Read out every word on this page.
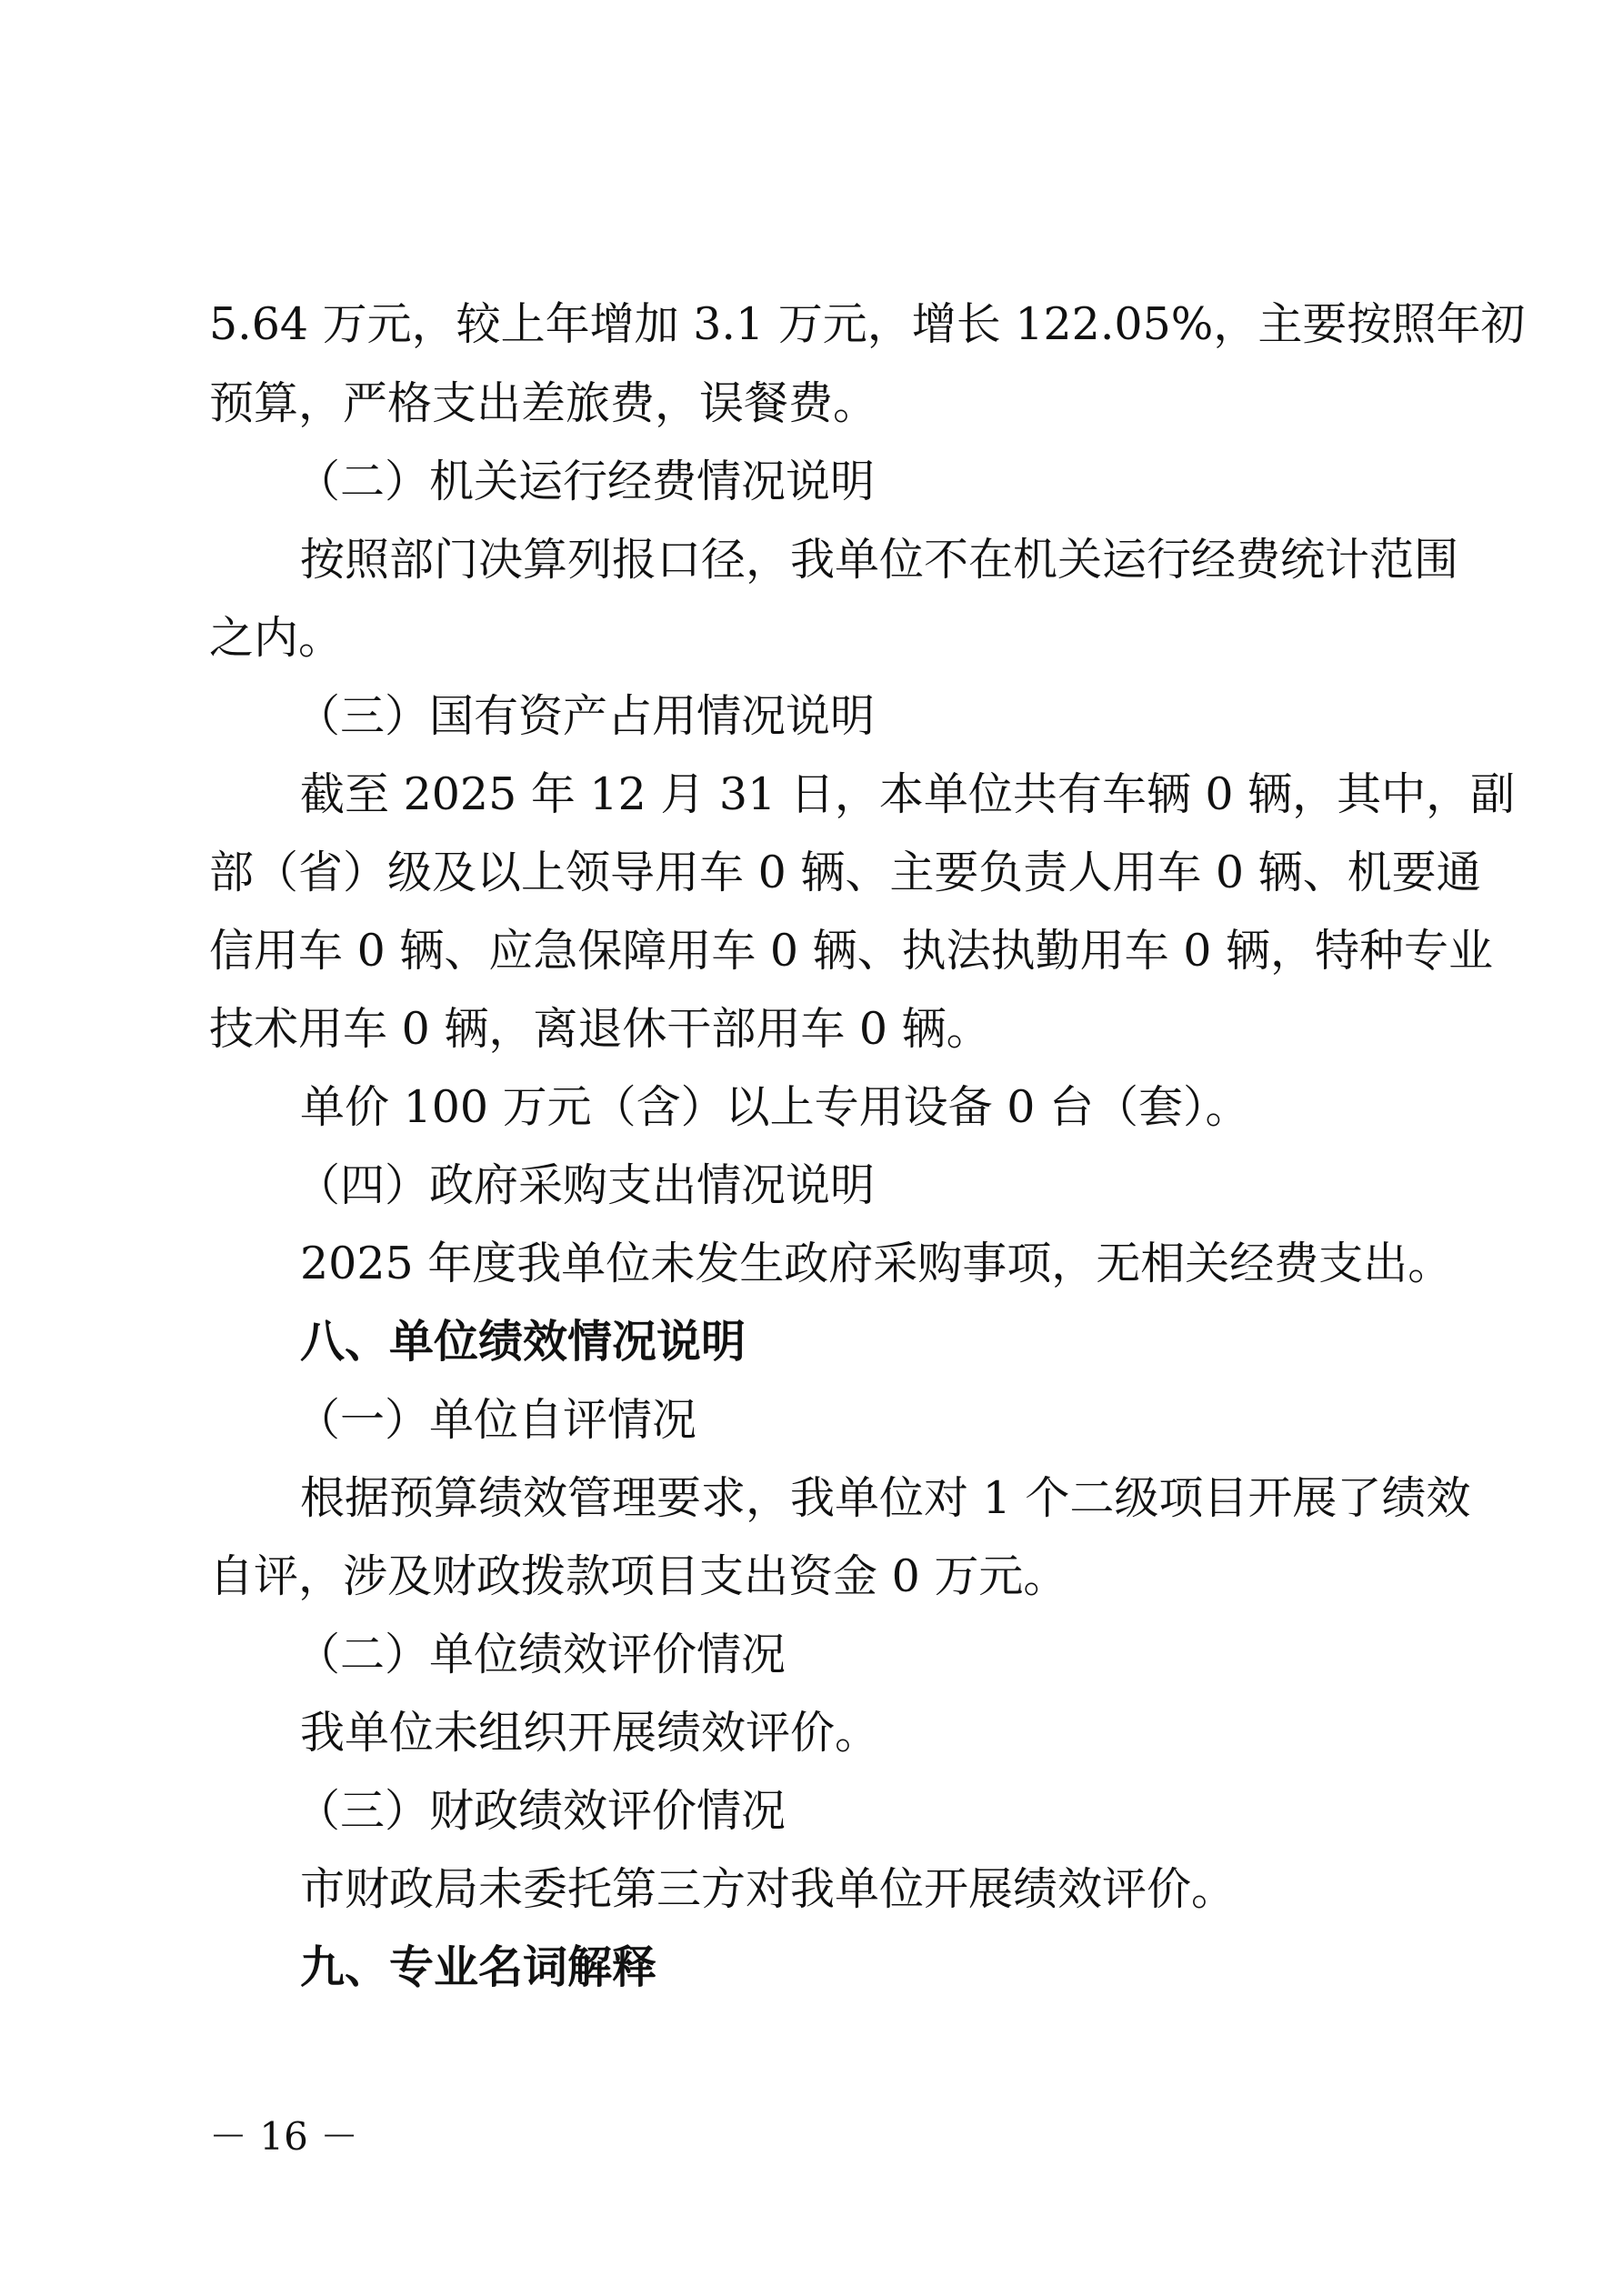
5.64 万元，较上年增加 3.1 万元，增长 122.05%，主要按照年初
预算，严格支出差旅费，误餐费。
（二）机关运行经费情况说明
按照部门决算列报口径，我单位不在机关运行经费统计范围
之内。
（三）国有资产占用情况说明
截至 2025 年 12 月 31 日，本单位共有车辆 0 辆，其中，副
部（省）级及以上领导用车 0 辆、主要负责人用车 0 辆、机要通
信用车 0 辆、应急保障用车 0 辆、执法执勤用车 0 辆，特种专业
技术用车 0 辆，离退休干部用车 0 辆。
单价 100 万元（含）以上专用设备 0 台（套）。
（四）政府采购支出情况说明
2025 年度我单位未发生政府采购事项，无相关经费支出。
八、单位绩效情况说明
（一）单位自评情况
根据预算绩效管理要求，我单位对 1 个二级项目开展了绩效
自评，涉及财政拨款项目支出资金 0 万元。
（二）单位绩效评价情况
我单位未组织开展绩效评价。
（三）财政绩效评价情况
市财政局未委托第三方对我单位开展绩效评价。
九、专业名词解释
－ 16 －
